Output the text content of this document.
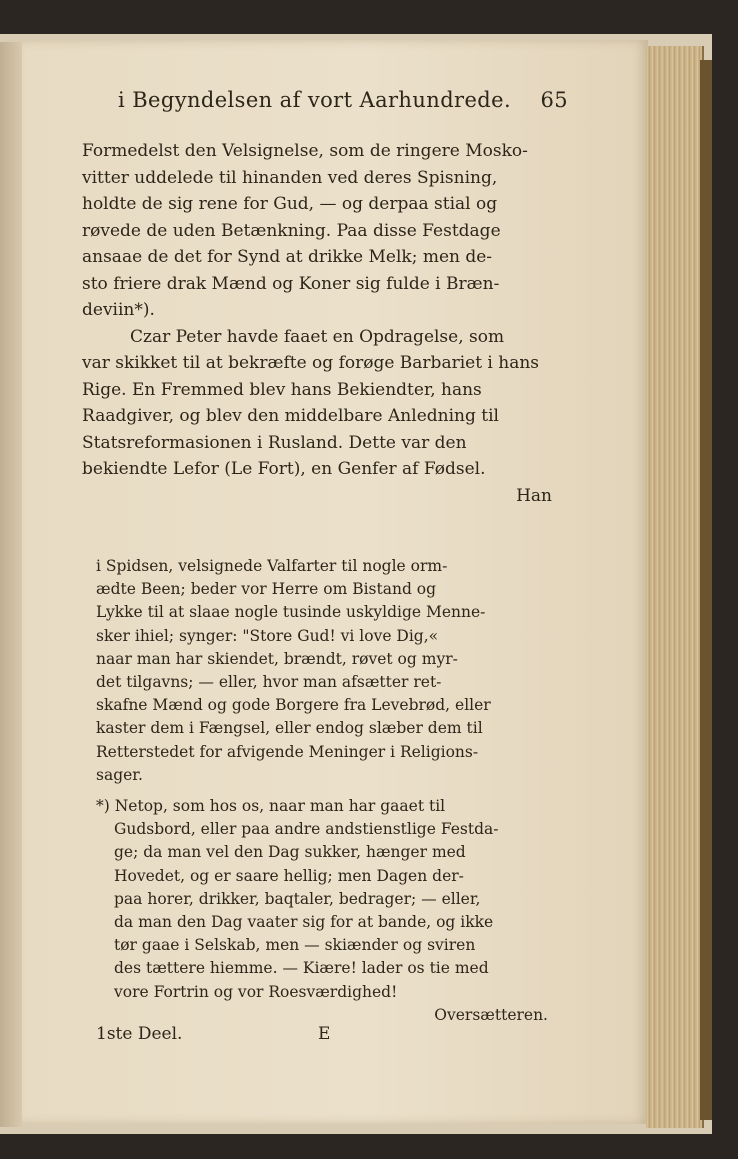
i Begyndelsen af vort Aarhundrede. 65

Formedelst den Velsignelse, som de ringere Mosko-
vitter uddelede til hinanden ved deres Spisning,
holdte de sig rene for Gud, — og derpaa stial og
røvede de uden Betænkning. Paa disse Festdage
ansaae de det for Synd at drikke Melk; men de-
sto friere drak Mænd og Koner sig fulde i Bræn-
deviin*).

Czar Peter havde faaet en Opdragelse, som
var skikket til at bekræfte og forøge Barbariet i hans
Rige. En Fremmed blev hans Bekiendter, hans
Raadgiver, og blev den middelbare Anledning til
Statsreformasionen i Rusland. Dette var den
bekiendte Lefor (Le Fort), en Genfer af Fødsel.

Han

i Spidsen, velsignede Valfarter til nogle orm-
ædte Been; beder vor Herre om Bistand og
Lykke til at slaae nogle tusinde uskyldige Menne-
sker ihiel; synger: "Store Gud! vi love Dig,«
naar man har skiendet, brændt, røvet og myr-
det tilgavns; — eller, hvor man afsætter ret-
skafne Mænd og gode Borgere fra Levebrød, eller
kaster dem i Fængsel, eller endog slæber dem til
Retterstedet for afvigende Meninger i Religions-
sager.
*) Netop, som hos os, naar man har gaaet til
Gudsbord, eller paa andre andstienstlige Festda-
ge; da man vel den Dag sukker, hænger med
Hovedet, og er saare hellig; men Dagen der-
paa horer, drikker, baqtaler, bedrager; — eller,
da man den Dag vaater sig for at bande, og ikke
tør gaae i Selskab, men — skiænder og sviren
des tættere hiemme. — Kiære! lader os tie med
vore Fortrin og vor Roesværdighed!
Oversætteren.
1ste Deel.	E
